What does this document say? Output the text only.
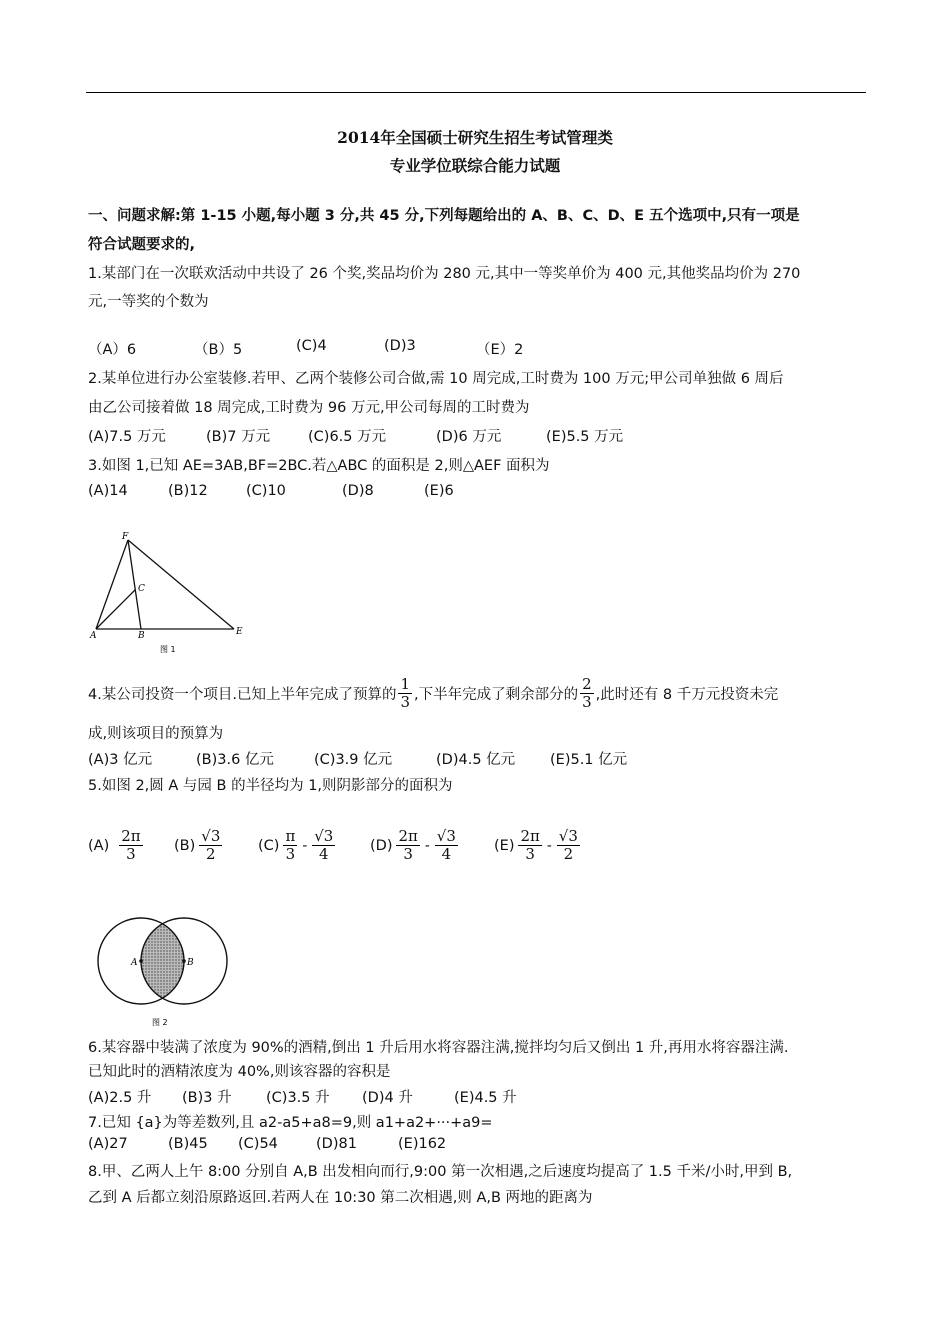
2014年全国硕士研究生招生考试管理类
专业学位联综合能力试题
一、问题求解:第 1-15 小题,每小题 3 分,共 45 分,下列每题给出的 A、B、C、D、E 五个选项中,只有一项是
符合试题要求的,
1.某部门在一次联欢活动中共设了 26 个奖,奖品均价为 280 元,其中一等奖单价为 400 元,其他奖品均价为 270
元,一等奖的个数为
（A）6	（B）5	(C)4	(D)3	（E）2
2.某单位进行办公室装修.若甲、乙两个装修公司合做,需 10 周完成,工时费为 100 万元;甲公司单独做 6 周后
由乙公司接着做 18 周完成,工时费为 96 万元,甲公司每周的工时费为
(A)7.5 万元	(B)7 万元	(C)6.5 万元	(D)6 万元	(E)5.5 万元
3.如图 1,已知 AE=3AB,BF=2BC.若△ABC 的面积是 2,则△AEF 面积为
(A)14	(B)12	(C)10	(D)8	(E)6
F
C
A	B	E
图 1
4.某公司投资一个项目.已知上半年完成了预算的 $\frac{1}{3}$ ,下半年完成了剩余部分的 $\frac{2}{3}$ ,此时还有 8 千万元投资未完
成,则该项目的预算为
(A)3 亿元	(B)3.6 亿元	(C)3.9 亿元	(D)4.5 亿元 (E)5.1 亿元
5.如图 2,圆 A 与园 B 的半径均为 1,则阴影部分的面积为
$(A) \frac{2\pi}{3} (B) \frac{√3}{2} (C) \frac{\pi}{3} - \frac{√3}{4} (D) \frac{2\pi}{3} - \frac{√3}{4} (E) \frac{2\pi}{3} - \frac{√3}{2}$
A	B
图 2
6.某容器中装满了浓度为 90%的酒精,倒出 1 升后用水将容器注满,搅拌均匀后又倒出 1 升,再用水将容器注满.
已知此时的酒精浓度为 40%,则该容器的容积是
(A)2.5 升 (B)3 升 (C)3.5 升 (D)4 升	(E)4.5 升
7.已知 {a}为等差数列,且 a2-a5+a8=9,则 a1+a2+···+a9=
(A)27	(B)45 (C)54	(D)81	(E)162
8.甲、乙两人上午 8:00 分别自 A,B 出发相向而行,9:00 第一次相遇,之后速度均提高了 1.5 千米/小时,甲到 B,
乙到 A 后都立刻沿原路返回.若两人在 10:30 第二次相遇,则 A,B 两地的距离为
